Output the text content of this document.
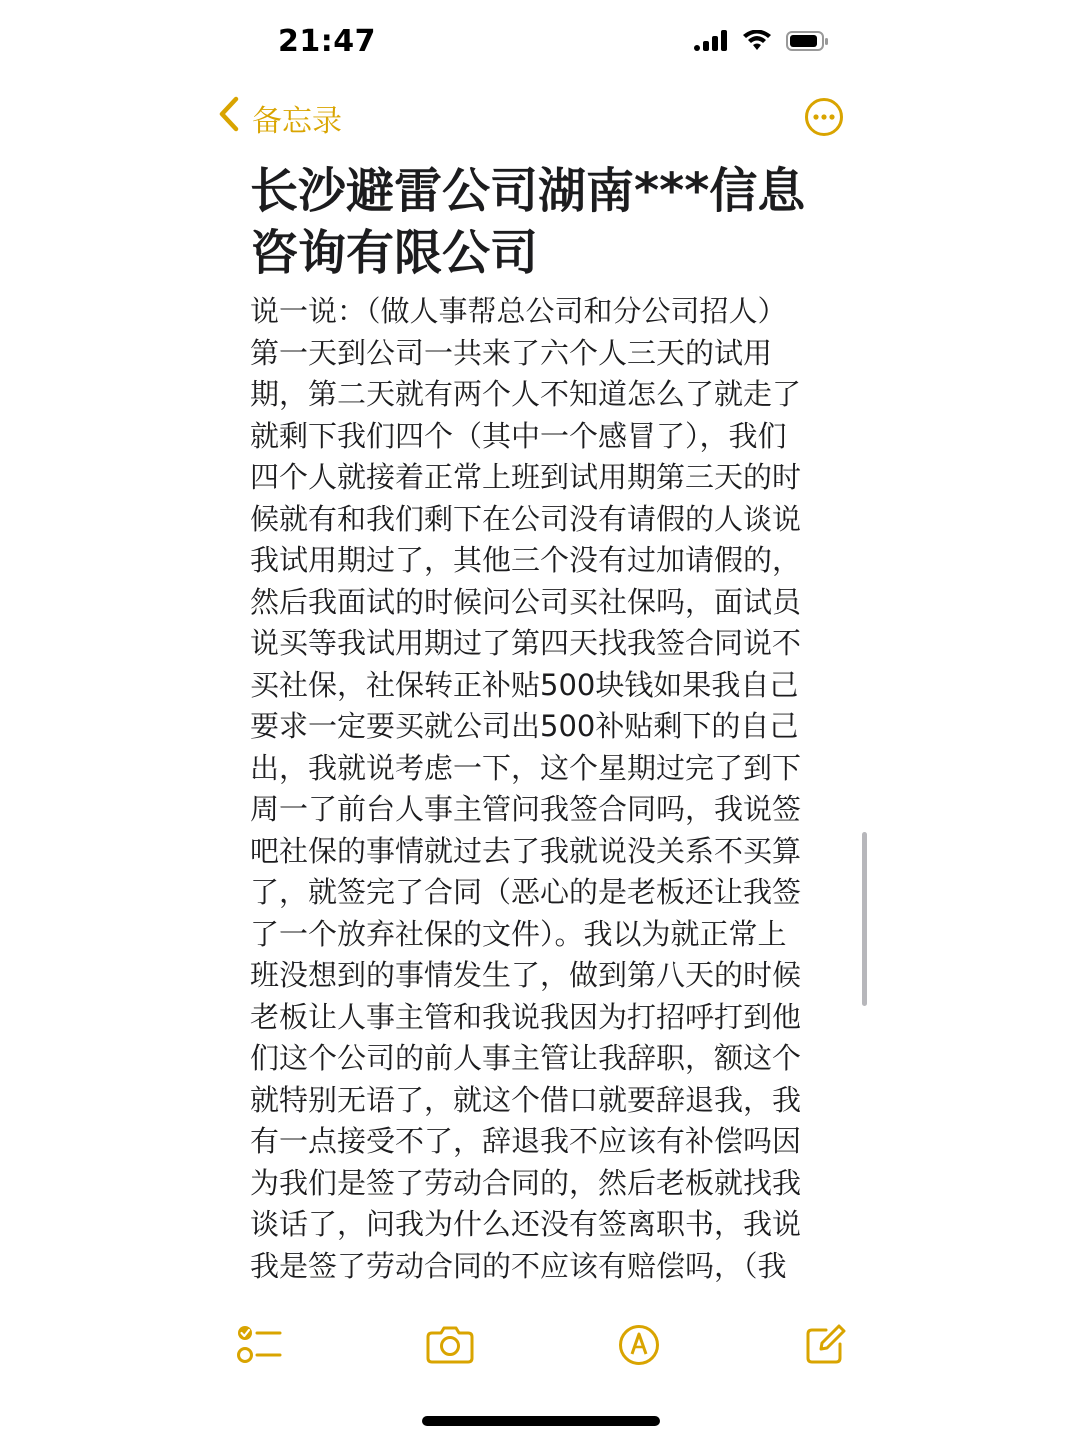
21:47
备忘录
长沙避雷公司湖南***信息咨询有限公司

说一说：（做人事帮总公司和分公司招人）第一天到公司一共来了六个人三天的试用期，第二天就有两个人不知道怎么了就走了就剩下我们四个（其中一个感冒了），我们四个人就接着正常上班到试用期第三天的时候就有和我们剩下在公司没有请假的人谈说我试用期过了，其他三个没有过加请假的，然后我面试的时候问公司买社保吗，面试员说买等我试用期过了第四天找我签合同说不买社保，社保转正补贴500块钱如果我自己要求一定要买就公司出500补贴剩下的自己出，我就说考虑一下，这个星期过完了到下周一了前台人事主管问我签合同吗，我说签吧社保的事情就过去了我就说没关系不买算了，就签完了合同（恶心的是老板还让我签了一个放弃社保的文件）。我以为就正常上班没想到的事情发生了，做到第八天的时候老板让人事主管和我说我因为打招呼打到他们这个公司的前人事主管让我辞职，额这个就特别无语了，就这个借口就要辞退我，我有一点接受不了，辞退我不应该有补偿吗因为我们是签了劳动合同的，然后老板就找我谈话了，问我为什么还没有签离职书，我说我是签了劳动合同的不应该有赔偿吗，（我
